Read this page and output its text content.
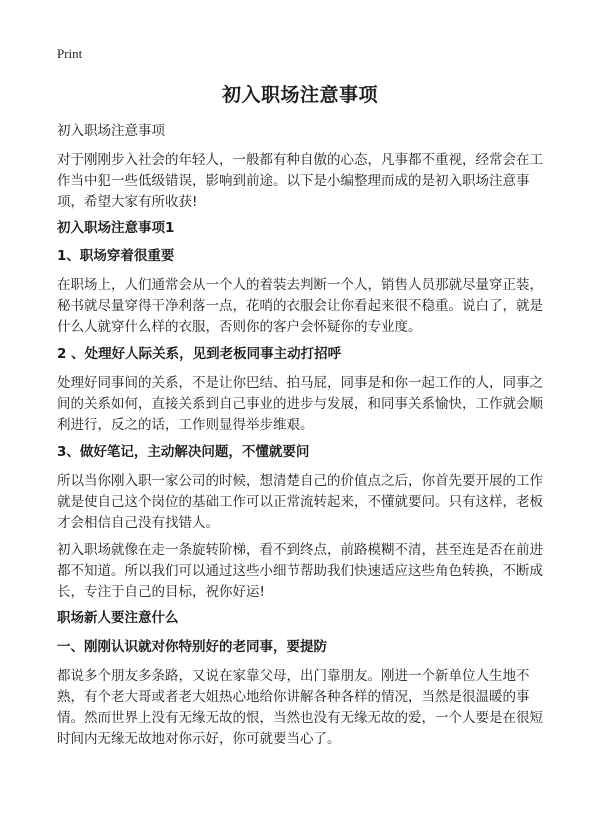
Print
初入职场注意事项
初入职场注意事项
对于刚刚步入社会的年轻人，一般都有种自傲的心态，凡事都不重视，经常会在工作当中犯一些低级错误，影响到前途。以下是小编整理而成的是初入职场注意事项，希望大家有所收获!
初入职场注意事项1
1、职场穿着很重要
在职场上，人们通常会从一个人的着装去判断一个人，销售人员那就尽量穿正装，秘书就尽量穿得干净利落一点，花哨的衣服会让你看起来很不稳重。说白了，就是什么人就穿什么样的衣服，否则你的客户会怀疑你的专业度。
2 、处理好人际关系，见到老板同事主动打招呼
处理好同事间的关系，不是让你巴结、拍马屁，同事是和你一起工作的人，同事之间的关系如何，直接关系到自己事业的进步与发展，和同事关系愉快，工作就会顺利进行，反之的话，工作则显得举步维艰。
3、做好笔记，主动解决问题，不懂就要问
所以当你刚入职一家公司的时候，想清楚自己的价值点之后，你首先要开展的工作就是使自己这个岗位的基础工作可以正常流转起来，不懂就要问。只有这样，老板才会相信自己没有找错人。
初入职场就像在走一条旋转阶梯，看不到终点，前路模糊不清，甚至连是否在前进都不知道。所以我们可以通过这些小细节帮助我们快速适应这些角色转换，不断成长，专注于自己的目标，祝你好运!
职场新人要注意什么
一、刚刚认识就对你特别好的老同事，要提防
都说多个朋友多条路，又说在家靠父母，出门靠朋友。刚进一个新单位人生地不熟，有个老大哥或者老大姐热心地给你讲解各种各样的情况，当然是很温暖的事情。然而世界上没有无缘无故的恨，当然也没有无缘无故的爱，一个人要是在很短时间内无缘无故地对你示好，你可就要当心了。
